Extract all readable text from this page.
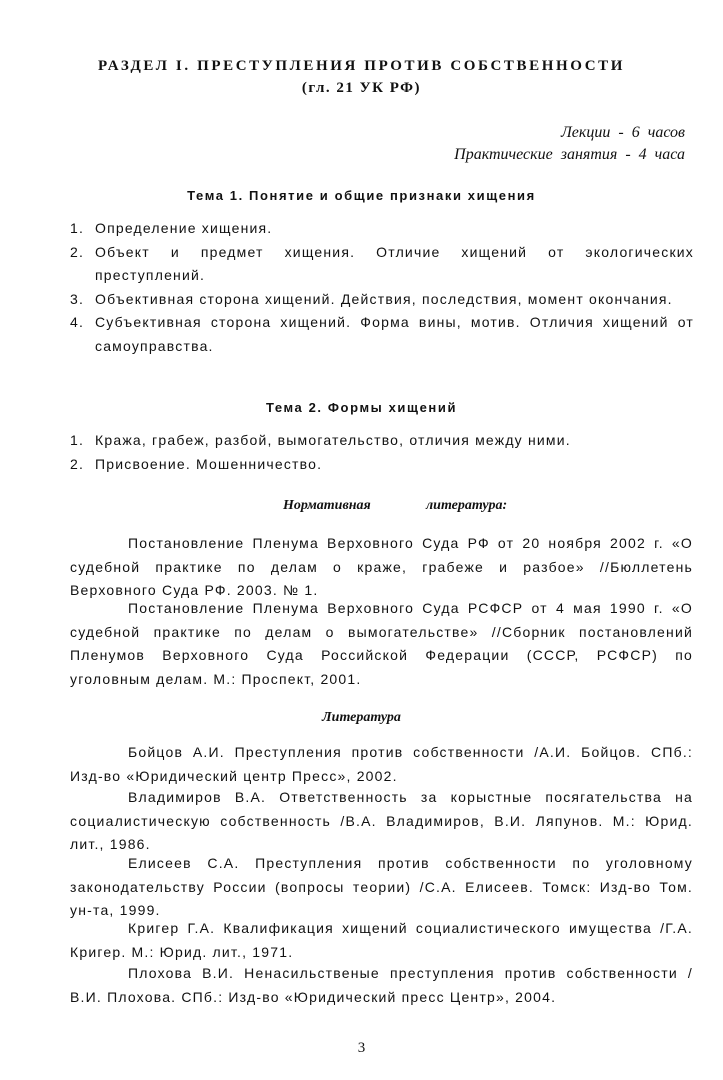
РАЗДЕЛ I. ПРЕСТУПЛЕНИЯ ПРОТИВ СОБСТВЕННОСТИ
(гл. 21 УК РФ)
Лекции - 6 часов
Практические занятия - 4 часа
Тема 1. Понятие и общие признаки хищения
1. Определение хищения.
2. Объект и предмет хищения. Отличие хищений от экологических преступлений.
3. Объективная сторона хищений. Действия, последствия, момент окончания.
4. Субъективная сторона хищений. Форма вины, мотив. Отличия хищений от самоуправства.
Тема 2. Формы хищений
1. Кража, грабеж, разбой, вымогательство, отличия между ними.
2. Присвоение. Мошенничество.
Нормативная	литература:

Постановление Пленума Верховного Суда РФ от 20 ноября 2002 г. «О судебной практике по делам о краже, грабеже и разбое» //Бюллетень Верховного Суда РФ. 2003. № 1.

Постановление Пленума Верховного Суда РСФСР от 4 мая 1990 г. «О судебной практике по делам о вымогательстве» //Сборник постановлений Пленумов Верховного Суда Российской Федерации (СССР, РСФСР) по уголовным делам. М.: Проспект, 2001.

Литература

Бойцов А.И. Преступления против собственности /А.И. Бойцов. СПб.: Изд-во «Юридический центр Пресс», 2002.

Владимиров В.А. Ответственность за корыстные посягательства на социалистическую собственность /В.А. Владимиров, В.И. Ляпунов. М.: Юрид. лит., 1986.

Елисеев С.А. Преступления против собственности по уголовному законодательству России (вопросы теории) /С.А. Елисеев. Томск: Изд-во Том. ун-та, 1999.

Кригер Г.А. Квалификация хищений социалистического имущества /Г.А. Кригер. М.: Юрид. лит., 1971.

Плохова В.И. Ненасильственые преступления против собственности /В.И. Плохова. СПб.: Изд-во «Юридический пресс Центр», 2004.

3
